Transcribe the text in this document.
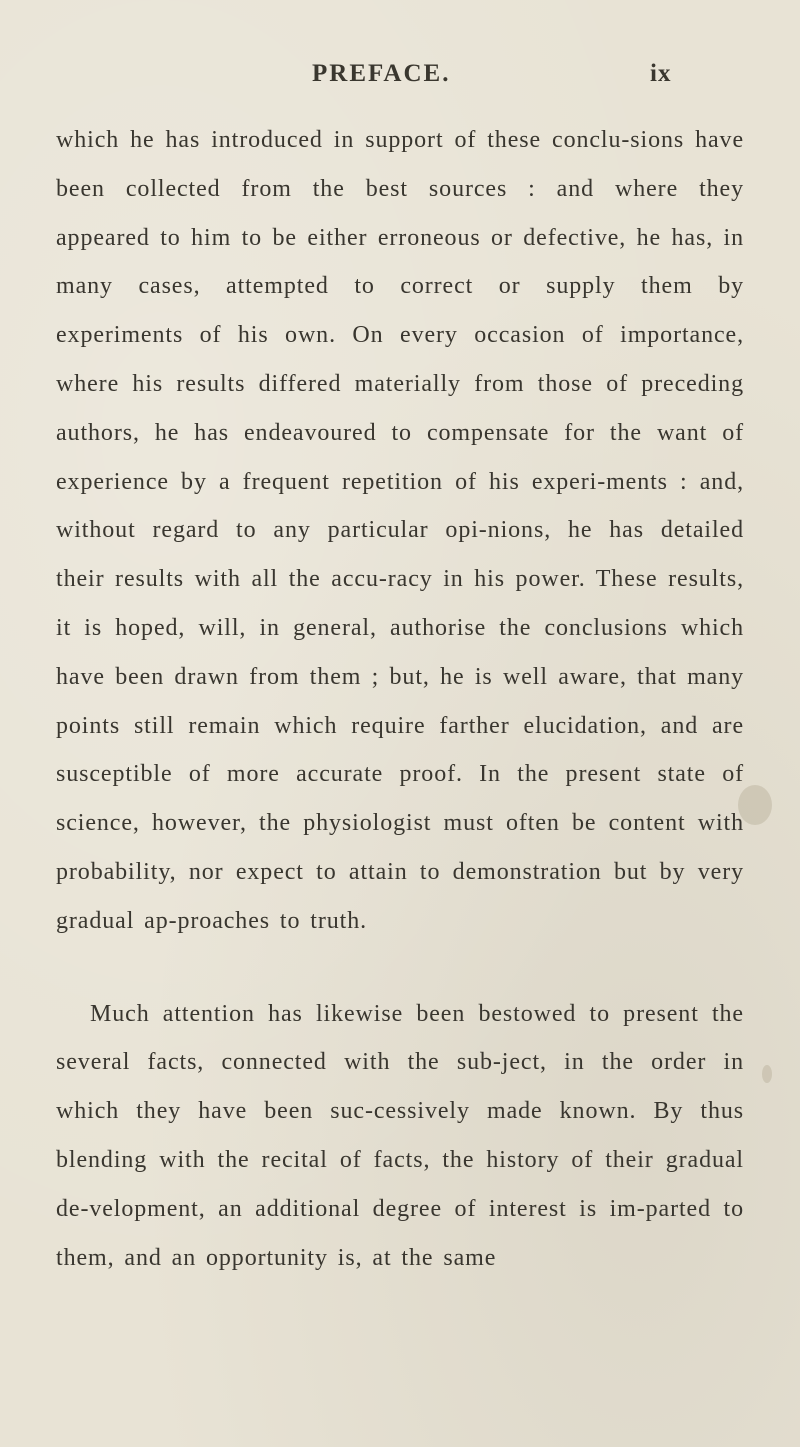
PREFACE.	ix

which he has introduced in support of these conclu-sions have been collected from the best sources : and where they appeared to him to be either erroneous or defective, he has, in many cases, attempted to correct or supply them by experiments of his own. On every occasion of importance, where his results differed materially from those of preceding authors, he has endeavoured to compensate for the want of experience by a frequent repetition of his experi-ments : and, without regard to any particular opi-nions, he has detailed their results with all the accu-racy in his power. These results, it is hoped, will, in general, authorise the conclusions which have been drawn from them ; but, he is well aware, that many points still remain which require farther elucidation, and are susceptible of more accurate proof. In the present state of science, however, the physiologist must often be content with probability, nor expect to attain to demonstration but by very gradual ap-proaches to truth.

Much attention has likewise been bestowed to present the several facts, connected with the sub-ject, in the order in which they have been suc-cessively made known. By thus blending with the recital of facts, the history of their gradual de-velopment, an additional degree of interest is im-parted to them, and an opportunity is, at the same
